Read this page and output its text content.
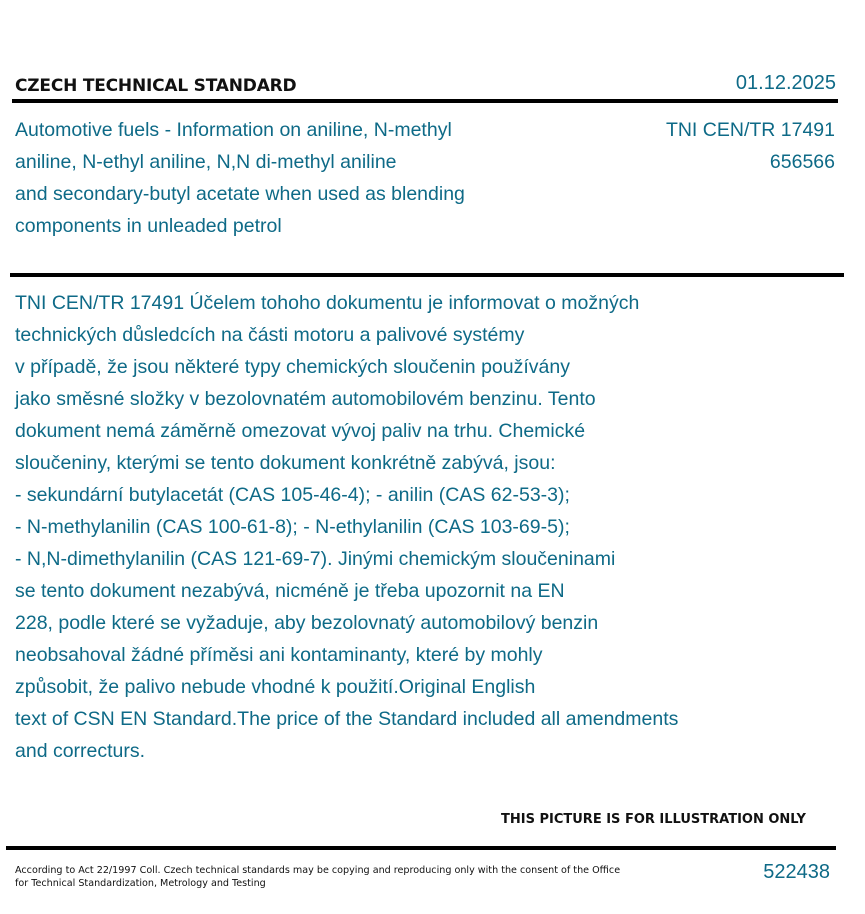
CZECH TECHNICAL STANDARD	01.12.2025
Automotive fuels - Information on aniline, N-methyl
aniline, N-ethyl aniline, N,N di-methyl aniline
and secondary-butyl acetate when used as blending
components in unleaded petrol
TNI CEN/TR 17491
656566
TNI CEN/TR 17491 Účelem tohoho dokumentu je informovat o možných
technických důsledcích na části motoru a palivové systémy
v případě, že jsou některé typy chemických sloučenin používány
jako směsné složky v bezolovnatém automobilovém benzinu. Tento
dokument nemá záměrně omezovat vývoj paliv na trhu. Chemické
sloučeniny, kterými se tento dokument konkrétně zabývá, jsou:
- sekundární butylacetát (CAS 105-46-4); - anilin (CAS 62-53-3);
- N-methylanilin (CAS 100-61-8); - N-ethylanilin (CAS 103-69-5);
- N,N-dimethylanilin (CAS 121-69-7). Jinými chemickým sloučeninami
se tento dokument nezabývá, nicméně je třeba upozornit na EN
228, podle které se vyžaduje, aby bezolovnatý automobilový benzin
neobsahoval žádné příměsi ani kontaminanty, které by mohly
způsobit, že palivo nebude vhodné k použití.Original English
text of CSN EN Standard.The price of the Standard included all amendments
and correcturs.
THIS PICTURE IS FOR ILLUSTRATION ONLY
According to Act 22/1997 Coll. Czech technical standards may be copying and reproducing only with the consent of the Office
for Technical Standardization, Metrology and Testing
522438
